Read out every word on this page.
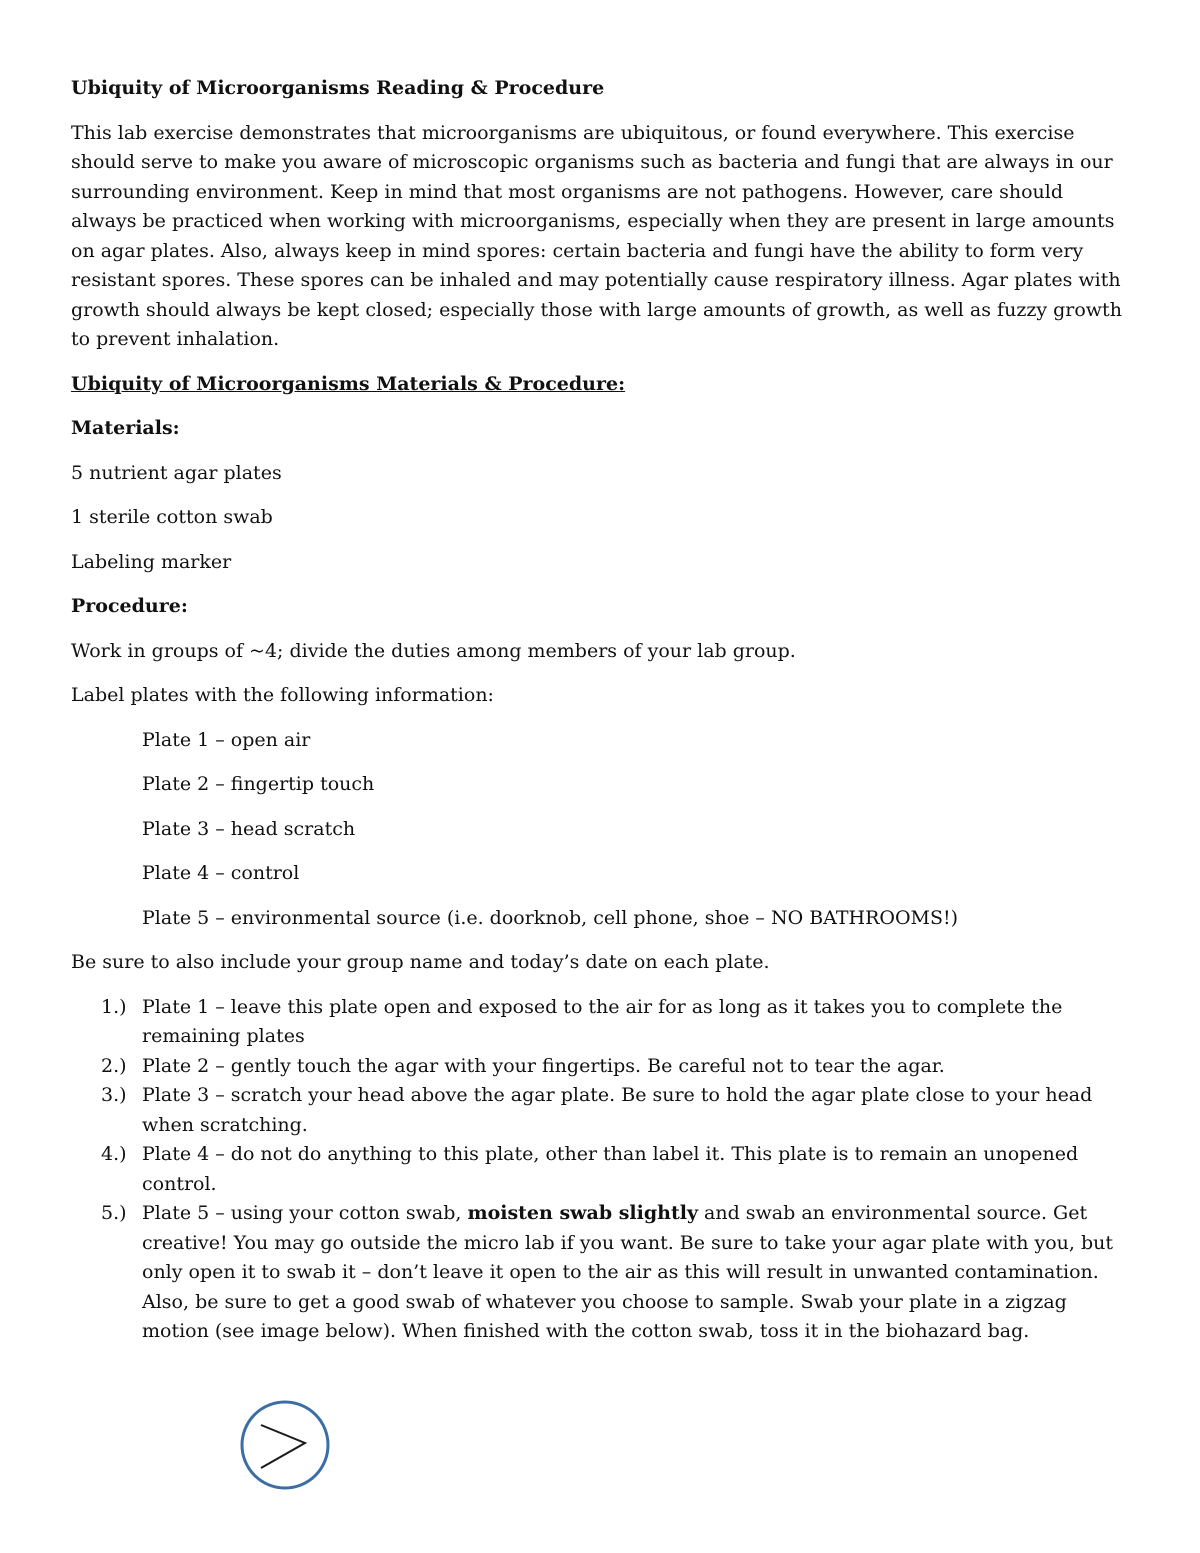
Ubiquity of Microorganisms Reading & Procedure

This lab exercise demonstrates that microorganisms are ubiquitous, or found everywhere. This exercise should serve to make you aware of microscopic organisms such as bacteria and fungi that are always in our surrounding environment. Keep in mind that most organisms are not pathogens. However, care should always be practiced when working with microorganisms, especially when they are present in large amounts on agar plates. Also, always keep in mind spores: certain bacteria and fungi have the ability to form very resistant spores. These spores can be inhaled and may potentially cause respiratory illness. Agar plates with growth should always be kept closed; especially those with large amounts of growth, as well as fuzzy growth to prevent inhalation.

Ubiquity of Microorganisms Materials & Procedure:

Materials:

5 nutrient agar plates

1 sterile cotton swab

Labeling marker

Procedure:

Work in groups of ~4; divide the duties among members of your lab group.

Label plates with the following information:

Plate 1 – open air

Plate 2 – fingertip touch

Plate 3 – head scratch

Plate 4 – control

Plate 5 – environmental source (i.e. doorknob, cell phone, shoe – NO BATHROOMS!)

Be sure to also include your group name and today’s date on each plate.

1.) Plate 1 – leave this plate open and exposed to the air for as long as it takes you to complete the remaining plates
2.) Plate 2 – gently touch the agar with your fingertips. Be careful not to tear the agar.
3.) Plate 3 – scratch your head above the agar plate. Be sure to hold the agar plate close to your head when scratching.
4.) Plate 4 – do not do anything to this plate, other than label it. This plate is to remain an unopened control.
5.) Plate 5 – using your cotton swab, moisten swab slightly and swab an environmental source. Get creative! You may go outside the micro lab if you want. Be sure to take your agar plate with you, but only open it to swab it – don’t leave it open to the air as this will result in unwanted contamination. Also, be sure to get a good swab of whatever you choose to sample. Swab your plate in a zigzag motion (see image below). When finished with the cotton swab, toss it in the biohazard bag.
